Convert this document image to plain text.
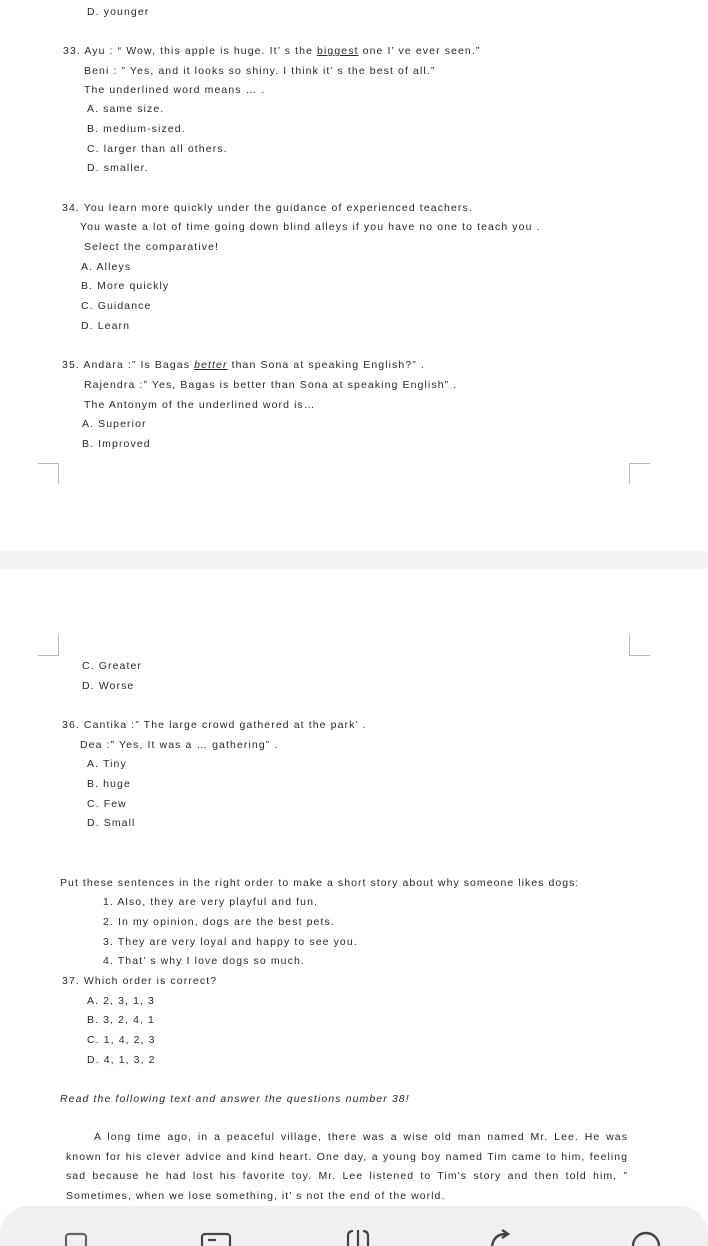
D. younger
33. Ayu : “ Wow, this apple is huge. It’ s the biggest one I’ ve ever seen.”
Beni : ” Yes, and it looks so shiny. I think it’ s the best of all.”
The underlined word means … .
A. same size.
B. medium-sized.
C. larger than all others.
D. smaller.
34. You learn more quickly under the guidance of experienced teachers.
You waste a lot of time going down blind alleys if you have no one to teach you .
Select the comparative!
A. Alleys
B. More quickly
C. Guidance
D. Learn
35. Andara :” Is Bagas better than Sona at speaking English?” .
Rajendra :” Yes, Bagas is better than Sona at speaking English” .
The Antonym of the underlined word is…
A. Superior
B. Improved
C. Greater
D. Worse
36. Cantika :” The large crowd gathered at the park’ .
Dea :” Yes, It was a … gathering” .
A. Tiny
B. huge
C. Few
D. Small
Put these sentences in the right order to make a short story about why someone likes dogs:
1. Also, they are very playful and fun.
2. In my opinion, dogs are the best pets.
3. They are very loyal and happy to see you.
4. That’ s why I love dogs so much.
37. Which order is correct?
A. 2, 3, 1, 3
B. 3, 2, 4, 1
C. 1, 4, 2, 3
D. 4, 1, 3, 2
Read the following text and answer the questions number 38!
A long time ago, in a peaceful village, there was a wise old man named Mr. Lee. He was known for his clever advice and kind heart. One day, a young boy named Tim came to him, feeling sad because he had lost his favorite toy. Mr. Lee listened to Tim's story and then told him, ” Sometimes, when we lose something, it’ s not the end of the world.
